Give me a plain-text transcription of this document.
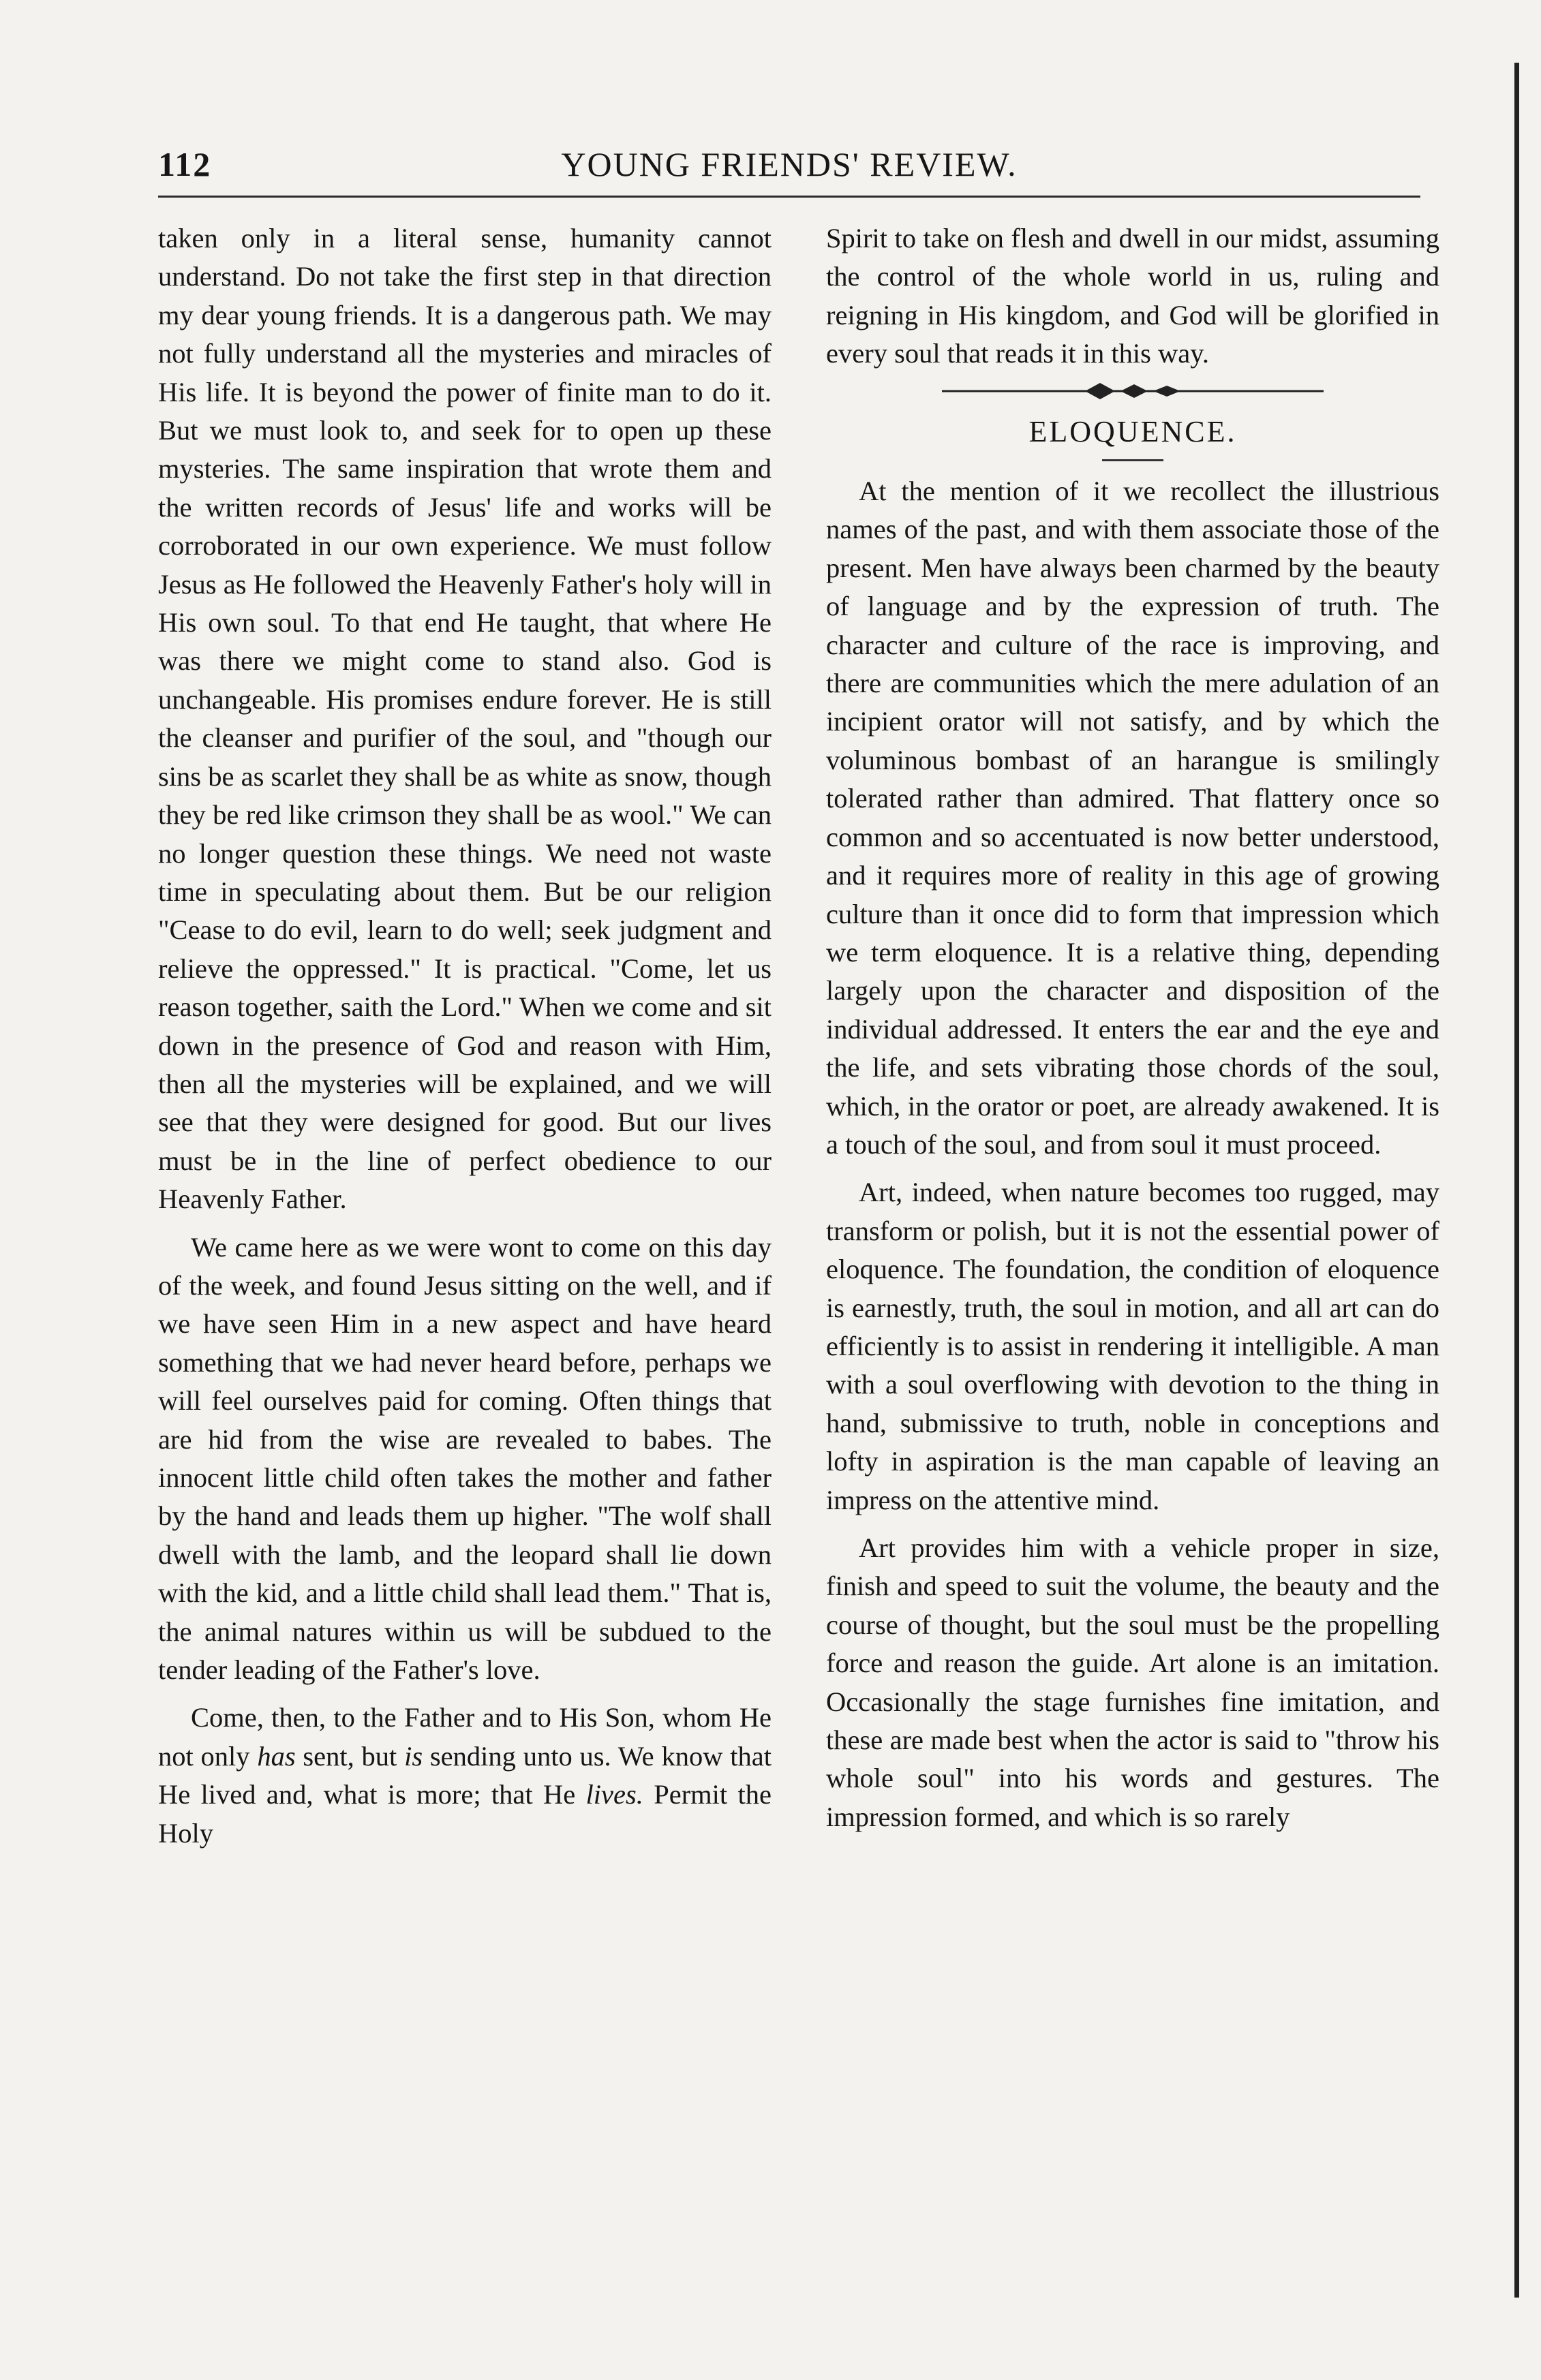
112	YOUNG FRIENDS' REVIEW.

taken only in a literal sense, humanity cannot understand. Do not take the first step in that direction my dear young friends. It is a dangerous path. We may not fully understand all the mysteries and miracles of His life. It is beyond the power of finite man to do it. But we must look to, and seek for to open up these mysteries. The same inspiration that wrote them and the written records of Jesus' life and works will be corroborated in our own experience. We must follow Jesus as He followed the Heavenly Father's holy will in His own soul. To that end He taught, that where He was there we might come to stand also. God is unchangeable. His promises endure forever. He is still the cleanser and purifier of the soul, and "though our sins be as scarlet they shall be as white as snow, though they be red like crimson they shall be as wool." We can no longer question these things. We need not waste time in speculating about them. But be our religion "Cease to do evil, learn to do well; seek judgment and relieve the oppressed." It is practical. "Come, let us reason together, saith the Lord." When we come and sit down in the presence of God and reason with Him, then all the mysteries will be explained, and we will see that they were designed for good. But our lives must be in the line of perfect obedience to our Heavenly Father.

We came here as we were wont to come on this day of the week, and found Jesus sitting on the well, and if we have seen Him in a new aspect and have heard something that we had never heard before, perhaps we will feel ourselves paid for coming. Often things that are hid from the wise are revealed to babes. The innocent little child often takes the mother and father by the hand and leads them up higher. "The wolf shall dwell with the lamb, and the leopard shall lie down with the kid, and a little child shall lead them." That is, the animal natures within us will be subdued to the tender leading of the Father's love.

Come, then, to the Father and to His Son, whom He not only has sent, but is sending unto us. We know that He lived and, what is more; that He lives. Permit the Holy

Spirit to take on flesh and dwell in our midst, assuming the control of the whole world in us, ruling and reigning in His kingdom, and God will be glorified in every soul that reads it in this way.

ELOQUENCE.

At the mention of it we recollect the illustrious names of the past, and with them associate those of the present. Men have always been charmed by the beauty of language and by the expression of truth. The character and culture of the race is improving, and there are communities which the mere adulation of an incipient orator will not satisfy, and by which the voluminous bombast of an harangue is smilingly tolerated rather than admired. That flattery once so common and so accentuated is now better understood, and it requires more of reality in this age of growing culture than it once did to form that impression which we term eloquence. It is a relative thing, depending largely upon the character and disposition of the individual addressed. It enters the ear and the eye and the life, and sets vibrating those chords of the soul, which, in the orator or poet, are already awakened. It is a touch of the soul, and from soul it must proceed.

Art, indeed, when nature becomes too rugged, may transform or polish, but it is not the essential power of eloquence. The foundation, the condition of eloquence is earnestly, truth, the soul in motion, and all art can do efficiently is to assist in rendering it intelligible. A man with a soul overflowing with devotion to the thing in hand, submissive to truth, noble in conceptions and lofty in aspiration is the man capable of leaving an impress on the attentive mind.

Art provides him with a vehicle proper in size, finish and speed to suit the volume, the beauty and the course of thought, but the soul must be the propelling force and reason the guide. Art alone is an imitation. Occasionally the stage furnishes fine imitation, and these are made best when the actor is said to "throw his whole soul" into his words and gestures. The impression formed, and which is so rarely
